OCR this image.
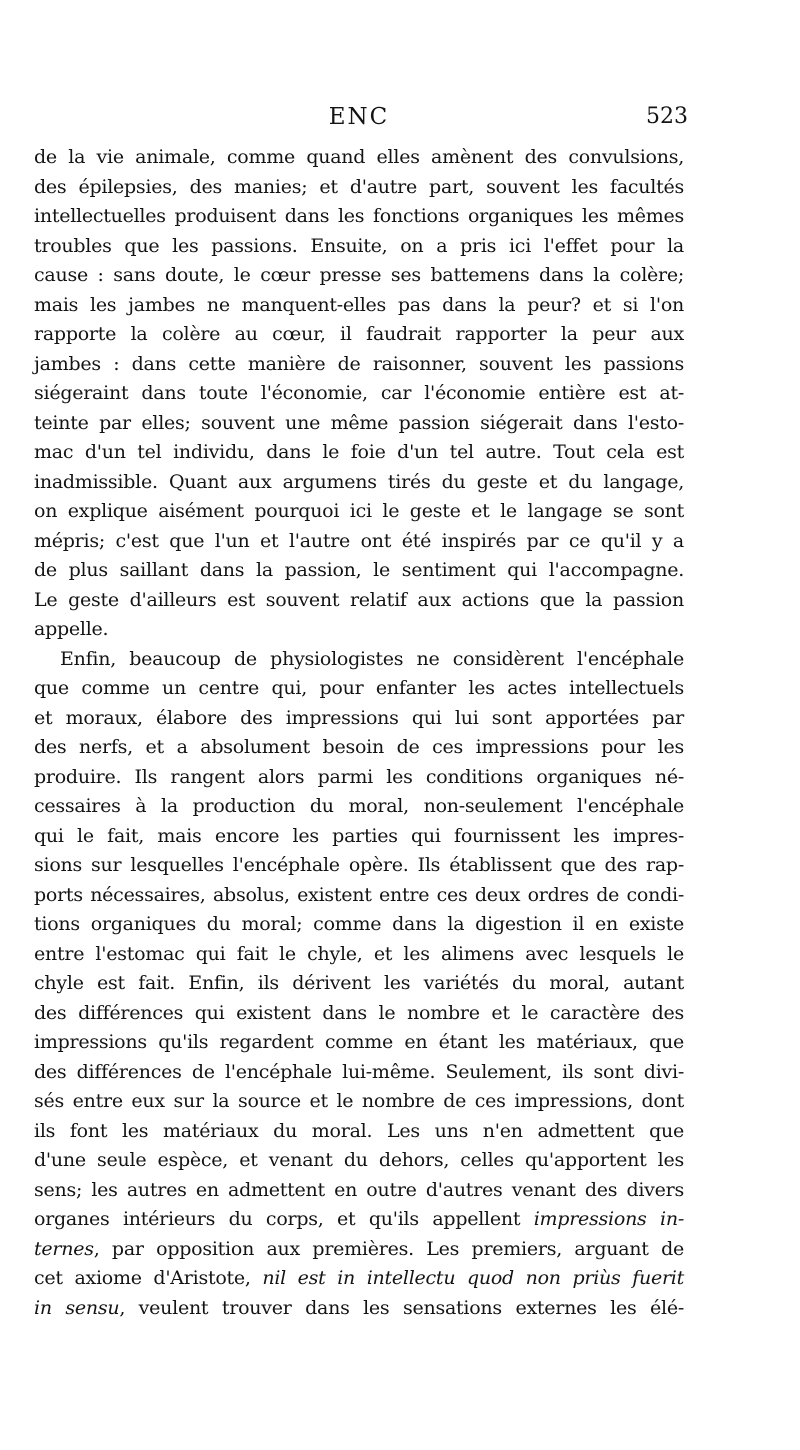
ENC	523
de la vie animale, comme quand elles amènent des convulsions,
des épilepsies, des manies; et d'autre part, souvent les facultés
intellectuelles produisent dans les fonctions organiques les mêmes
troubles que les passions. Ensuite, on a pris ici l'effet pour la
cause : sans doute, le cœur presse ses battemens dans la colère;
mais les jambes ne manquent-elles pas dans la peur? et si l'on
rapporte la colère au cœur, il faudrait rapporter la peur aux
jambes : dans cette manière de raisonner, souvent les passions
siégeraint dans toute l'économie, car l'économie entière est at-
teinte par elles; souvent une même passion siégerait dans l'esto-
mac d'un tel individu, dans le foie d'un tel autre. Tout cela est
inadmissible. Quant aux argumens tirés du geste et du langage,
on explique aisément pourquoi ici le geste et le langage se sont
mépris; c'est que l'un et l'autre ont été inspirés par ce qu'il y a
de plus saillant dans la passion, le sentiment qui l'accompagne.
Le geste d'ailleurs est souvent relatif aux actions que la passion
appelle.
Enfin, beaucoup de physiologistes ne considèrent l'encéphale
que comme un centre qui, pour enfanter les actes intellectuels
et moraux, élabore des impressions qui lui sont apportées par
des nerfs, et a absolument besoin de ces impressions pour les
produire. Ils rangent alors parmi les conditions organiques né-
cessaires à la production du moral, non-seulement l'encéphale
qui le fait, mais encore les parties qui fournissent les impres-
sions sur lesquelles l'encéphale opère. Ils établissent que des rap-
ports nécessaires, absolus, existent entre ces deux ordres de condi-
tions organiques du moral; comme dans la digestion il en existe
entre l'estomac qui fait le chyle, et les alimens avec lesquels le
chyle est fait. Enfin, ils dérivent les variétés du moral, autant
des différences qui existent dans le nombre et le caractère des
impressions qu'ils regardent comme en étant les matériaux, que
des différences de l'encéphale lui-même. Seulement, ils sont divi-
sés entre eux sur la source et le nombre de ces impressions, dont
ils font les matériaux du moral. Les uns n'en admettent que
d'une seule espèce, et venant du dehors, celles qu'apportent les
sens; les autres en admettent en outre d'autres venant des divers
organes intérieurs du corps, et qu'ils appellent impressions in-
ternes, par opposition aux premières. Les premiers, arguant de
cet axiome d'Aristote, nil est in intellectu quod non priùs fuerit
in sensu, veulent trouver dans les sensations externes les élé-
